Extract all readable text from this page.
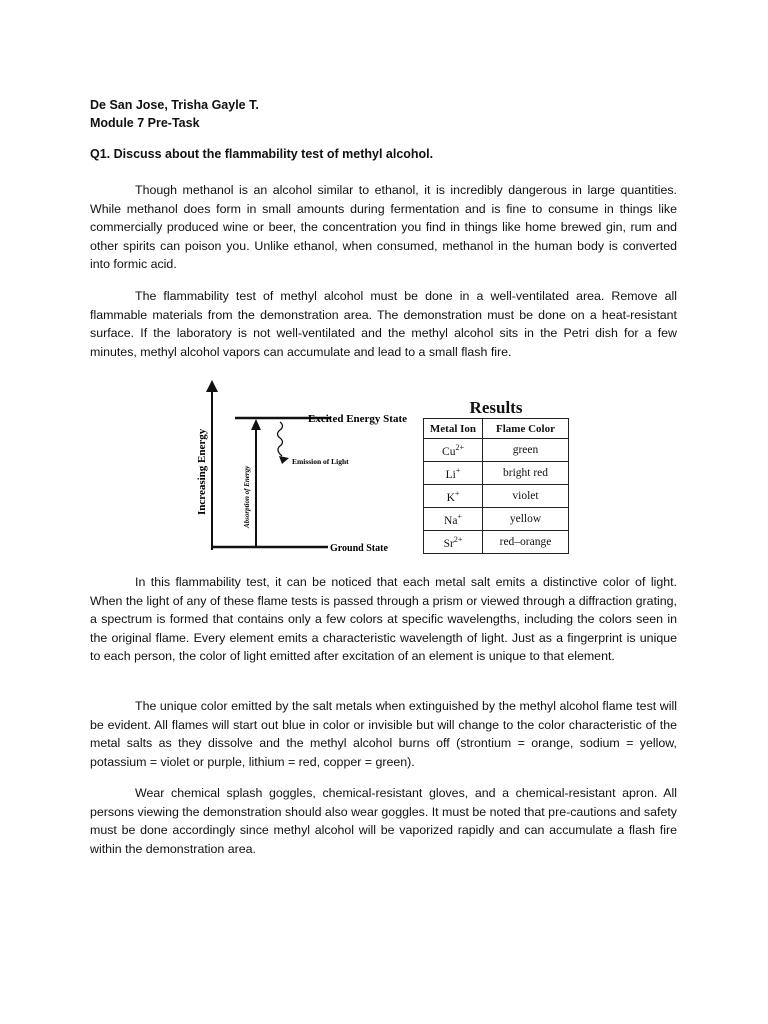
De San Jose, Trisha Gayle T.
Module 7 Pre-Task
Q1. Discuss about the flammability test of methyl alcohol.

Though methanol is an alcohol similar to ethanol, it is incredibly dangerous in large quantities. While methanol does form in small amounts during fermentation and is fine to consume in things like commercially produced wine or beer, the concentration you find in things like home brewed gin, rum and other spirits can poison you. Unlike ethanol, when consumed, methanol in the human body is converted into formic acid.

The flammability test of methyl alcohol must be done in a well-ventilated area. Remove all flammable materials from the demonstration area. The demonstration must be done on a heat-resistant surface. If the laboratory is not well-ventilated and the methyl alcohol sits in the Petri dish for a few minutes, methyl alcohol vapors can accumulate and lead to a small flash fire.

Increasing Energy
Excited Energy State
Ground State
Absorption of Energy
Emission of Light
Results
Metal Ion	Flame Color
$Cu^{2+}$	green
Li+	bright red
K+	violet
Na+	yellow
$Sr^{2+}$	red–orange

In this flammability test, it can be noticed that each metal salt emits a distinctive color of light. When the light of any of these flame tests is passed through a prism or viewed through a diffraction grating, a spectrum is formed that contains only a few colors at specific wavelengths, including the colors seen in the original flame. Every element emits a characteristic wavelength of light. Just as a fingerprint is unique to each person, the color of light emitted after excitation of an element is unique to that element.

The unique color emitted by the salt metals when extinguished by the methyl alcohol flame test will be evident. All flames will start out blue in color or invisible but will change to the color characteristic of the metal salts as they dissolve and the methyl alcohol burns off (strontium = orange, sodium = yellow, potassium = violet or purple, lithium = red, copper = green).

Wear chemical splash goggles, chemical-resistant gloves, and a chemical-resistant apron. All persons viewing the demonstration should also wear goggles. It must be noted that pre-cautions and safety must be done accordingly since methyl alcohol will be vaporized rapidly and can accumulate a flash fire within the demonstration area.
